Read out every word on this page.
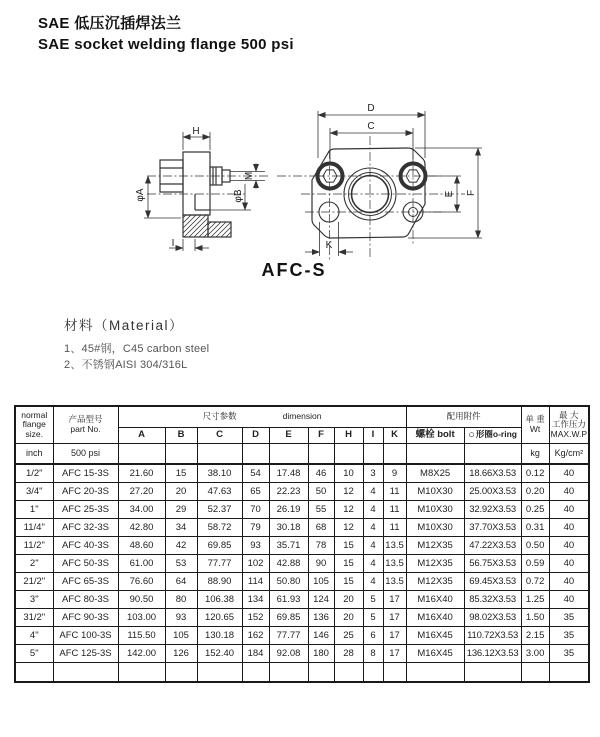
SAE 低压沉插焊法兰
SAE socket welding flange 500 psi
H
M
φA	φB
I
D
C
E F
K
AFC-S
材料（Material）
1、45#钢，C45 carbon steel
2、不锈钢AISI 304/316L
normal flange size.	
产品型号
part No.

尺寸参数	dimension	配用附件	单 重
Wt

最 大
工作压力
MAX.W.P

		A	B	C	D	E	F	H	I	K	螺栓 bolt	○ 形圈o-ring		

inch	500 psi												kg	Kg/cm²
1/2"	AFC 15-3S	21.60	15	38.10	54	17.48	46	10	3	9	M8X25	18.66X3.53	0.12	40
3/4"	AFC 20-3S	27.20	20	47.63	65	22.23	50	12	4	11	M10X30	25.00X3.53	0.20	40
1"	AFC 25-3S	34.00	29	52.37	70	26.19	55	12	4	11	M10X30	32.92X3.53	0.25	40
11/4"	AFC 32-3S	42.80	34	58.72	79	30.18	68	12	4	11	M10X30	37.70X3.53	0.31	40
11/2"	AFC 40-3S	48.60	42	69.85	93	35.71	78	15	4	13.5	M12X35	47.22X3.53	0.50	40
2"	AFC 50-3S	61.00	53	77.77	102	42.88	90	15	4	13.5	M12X35	56.75X3.53	0.59	40
21/2"	AFC 65-3S	76.60	64	88.90	114	50.80	105	15	4	13.5	M12X35	69.45X3.53	0.72	40
3"	AFC 80-3S	90.50	80	106.38	134	61.93	124	20	5	17	M16X40	85.32X3.53	1.25	40
31/2"	AFC 90-3S	103.00	93	120.65	152	69.85	136	20	5	17	M16X40	98.02X3.53	1.50	35
4"	AFC 100-3S	115.50	105	130.18	162	77.77	146	25	6	17	M16X45	110.72X3.53	2.15	35
5"	AFC 125-3S	142.00	126	152.40	184	92.08	180	28	8	17	M16X45	136.12X3.53	3.00	35
